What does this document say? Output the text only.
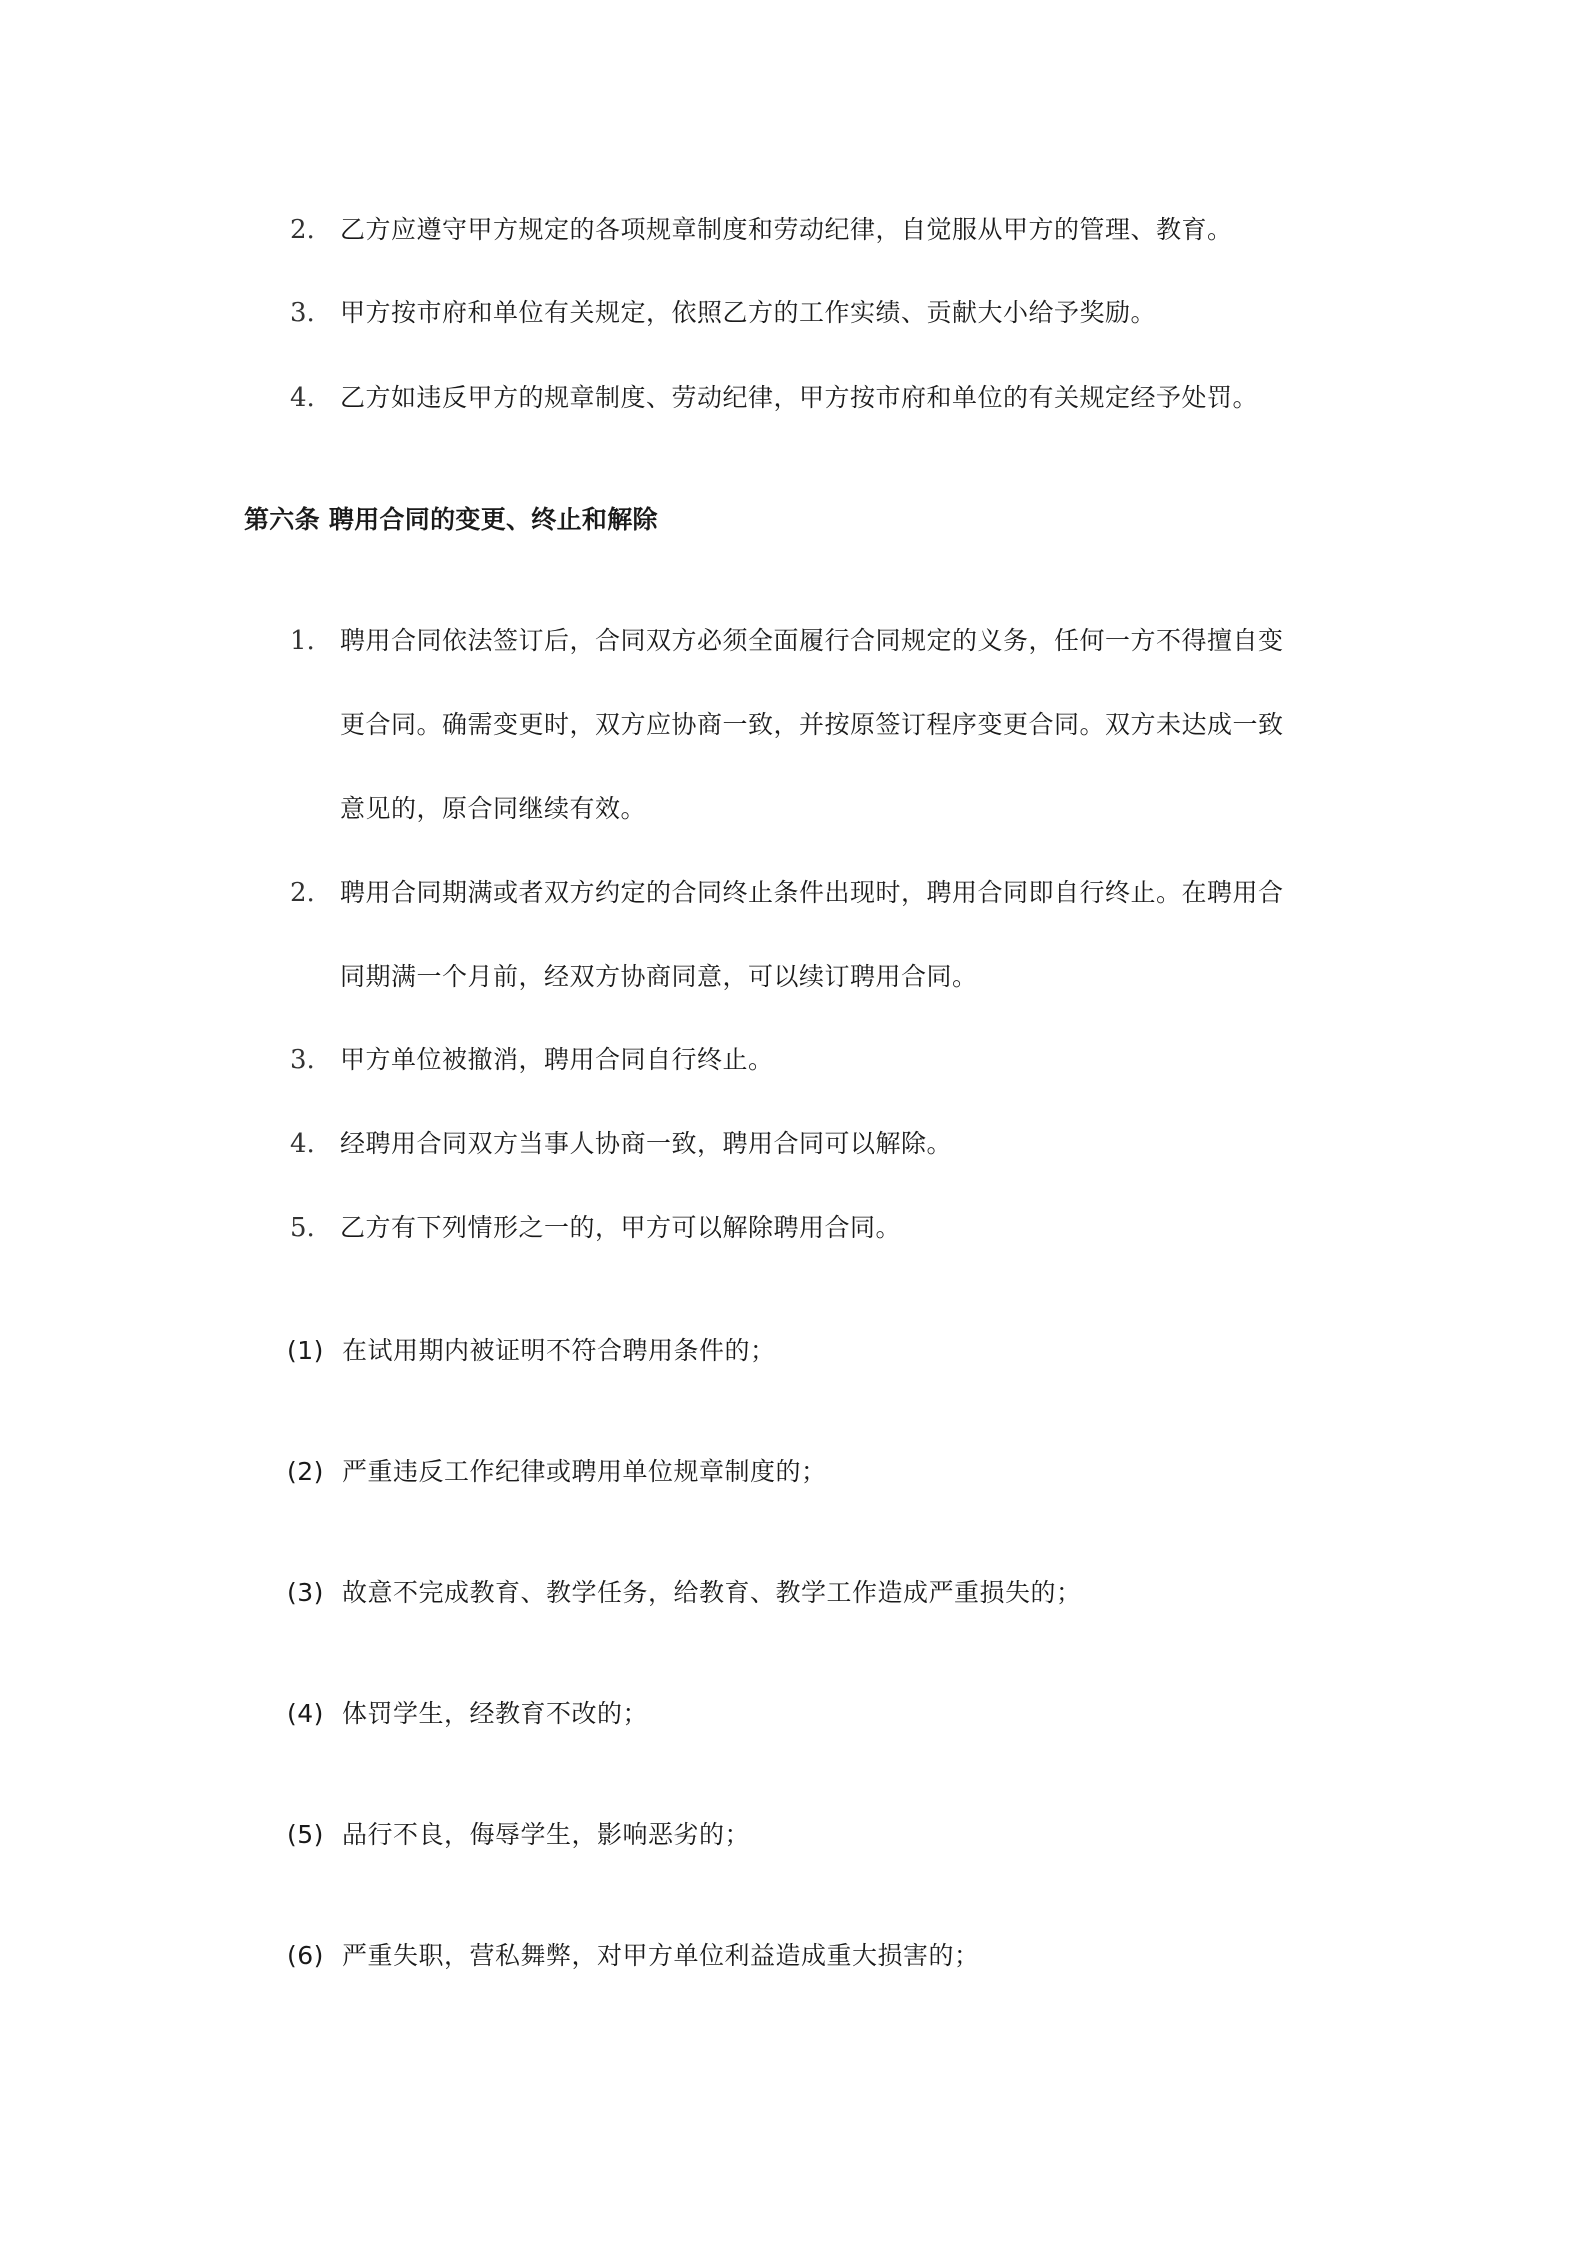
2. 乙方应遵守甲方规定的各项规章制度和劳动纪律，自觉服从甲方的管理、教育。
3. 甲方按市府和单位有关规定，依照乙方的工作实绩、贡献大小给予奖励。
4. 乙方如违反甲方的规章制度、劳动纪律，甲方按市府和单位的有关规定经予处罚。
第六条 聘用合同的变更、终止和解除
1. 聘用合同依法签订后，合同双方必须全面履行合同规定的义务，任何一方不得擅自变
更合同。确需变更时，双方应协商一致，并按原签订程序变更合同。双方未达成一致
意见的，原合同继续有效。
2. 聘用合同期满或者双方约定的合同终止条件出现时，聘用合同即自行终止。在聘用合
同期满一个月前，经双方协商同意，可以续订聘用合同。
3. 甲方单位被撤消，聘用合同自行终止。
4. 经聘用合同双方当事人协商一致，聘用合同可以解除。
5. 乙方有下列情形之一的，甲方可以解除聘用合同。
(1) 在试用期内被证明不符合聘用条件的；
(2) 严重违反工作纪律或聘用单位规章制度的；
(3) 故意不完成教育、教学任务，给教育、教学工作造成严重损失的；
(4) 体罚学生，经教育不改的；
(5) 品行不良，侮辱学生，影响恶劣的；
(6) 严重失职，营私舞弊，对甲方单位利益造成重大损害的；
